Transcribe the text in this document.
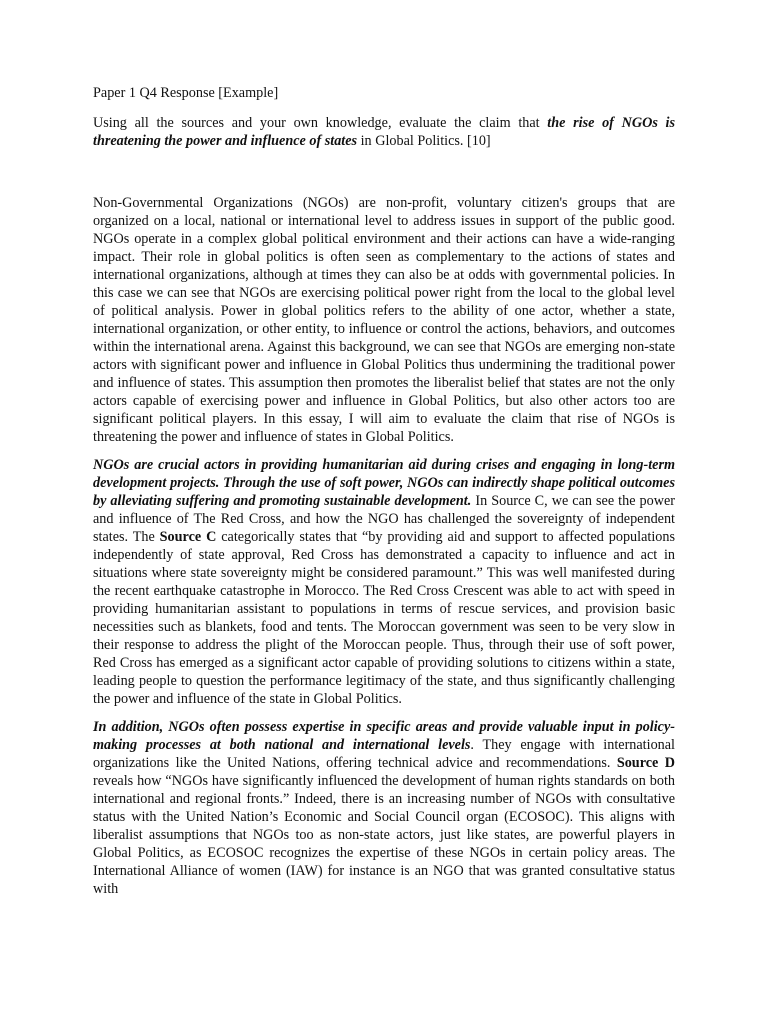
Paper 1 Q4 Response [Example]

Using all the sources and your own knowledge, evaluate the claim that the rise of NGOs is threatening the power and influence of states in Global Politics. [10]

Non-Governmental Organizations (NGOs) are non-profit, voluntary citizen's groups that are organized on a local, national or international level to address issues in support of the public good. NGOs operate in a complex global political environment and their actions can have a wide-ranging impact. Their role in global politics is often seen as complementary to the actions of states and international organizations, although at times they can also be at odds with governmental policies. In this case we can see that NGOs are exercising political power right from the local to the global level of political analysis. Power in global politics refers to the ability of one actor, whether a state, international organization, or other entity, to influence or control the actions, behaviors, and outcomes within the international arena. Against this background, we can see that NGOs are emerging non-state actors with significant power and influence in Global Politics thus undermining the traditional power and influence of states. This assumption then promotes the liberalist belief that states are not the only actors capable of exercising power and influence in Global Politics, but also other actors too are significant political players. In this essay, I will aim to evaluate the claim that rise of NGOs is threatening the power and influence of states in Global Politics.

NGOs are crucial actors in providing humanitarian aid during crises and engaging in long-term development projects. Through the use of soft power, NGOs can indirectly shape political outcomes by alleviating suffering and promoting sustainable development. In Source C, we can see the power and influence of The Red Cross, and how the NGO has challenged the sovereignty of independent states. The Source C categorically states that “by providing aid and support to affected populations independently of state approval, Red Cross has demonstrated a capacity to influence and act in situations where state sovereignty might be considered paramount.” This was well manifested during the recent earthquake catastrophe in Morocco. The Red Cross Crescent was able to act with speed in providing humanitarian assistant to populations in terms of rescue services, and provision basic necessities such as blankets, food and tents. The Moroccan government was seen to be very slow in their response to address the plight of the Moroccan people. Thus, through their use of soft power, Red Cross has emerged as a significant actor capable of providing solutions to citizens within a state, leading people to question the performance legitimacy of the state, and thus significantly challenging the power and influence of the state in Global Politics.

In addition, NGOs often possess expertise in specific areas and provide valuable input in policy-making processes at both national and international levels. They engage with international organizations like the United Nations, offering technical advice and recommendations. Source D reveals how “NGOs have significantly influenced the development of human rights standards on both international and regional fronts.” Indeed, there is an increasing number of NGOs with consultative status with the United Nation’s Economic and Social Council organ (ECOSOC). This aligns with liberalist assumptions that NGOs too as non-state actors, just like states, are powerful players in Global Politics, as ECOSOC recognizes the expertise of these NGOs in certain policy areas. The International Alliance of women (IAW) for instance is an NGO that was granted consultative status with
